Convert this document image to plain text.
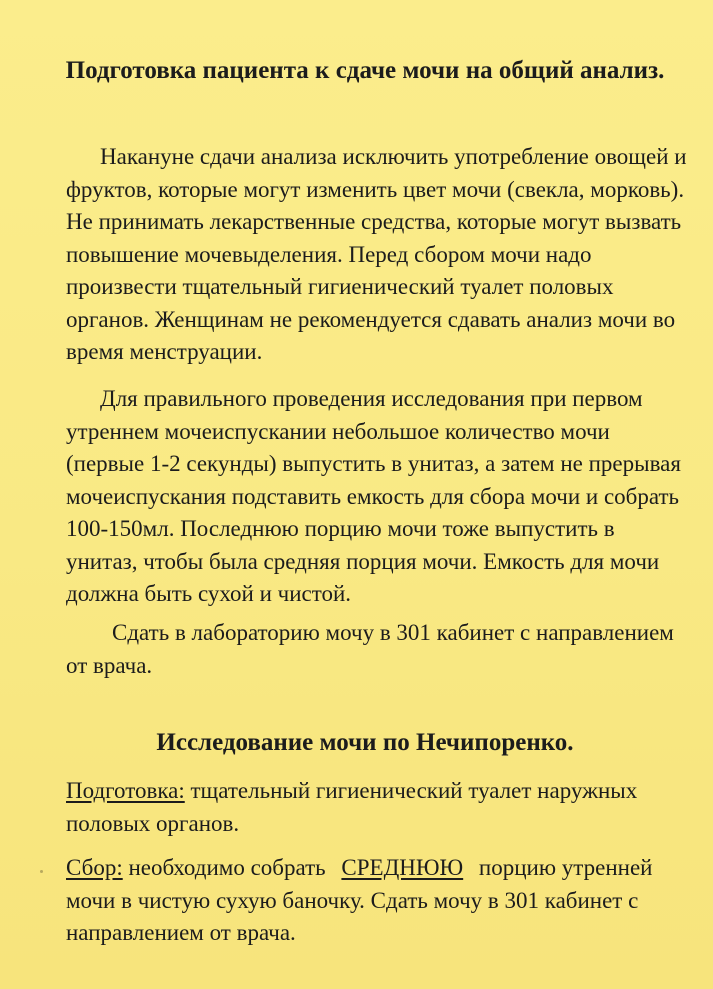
Подготовка пациента к сдаче мочи на общий анализ.

Накануне сдачи анализа исключить употребление овощей и фруктов, которые могут изменить цвет мочи (свекла, морковь). Не принимать лекарственные средства, которые могут вызвать повышение мочевыделения. Перед сбором мочи надо произвести тщательный гигиенический туалет половых органов. Женщинам не рекомендуется сдавать анализ мочи во время менструации.

Для правильного проведения исследования при первом утреннем мочеиспускании небольшое количество мочи (первые 1-2 секунды) выпустить в унитаз, а затем не прерывая мочеиспускания подставить емкость для сбора мочи и собрать 100-150мл. Последнюю порцию мочи тоже выпустить в унитаз, чтобы была средняя порция мочи. Емкость для мочи должна быть сухой и чистой.

Сдать в лабораторию мочу в 301 кабинет с направлением от врача.

Исследование мочи по Нечипоренко.

Подготовка: тщательный гигиенический туалет наружных половых органов.

Сбор: необходимо собрать СРЕДНЮЮ порцию утренней мочи в чистую сухую баночку. Сдать мочу в 301 кабинет с направлением от врача.
